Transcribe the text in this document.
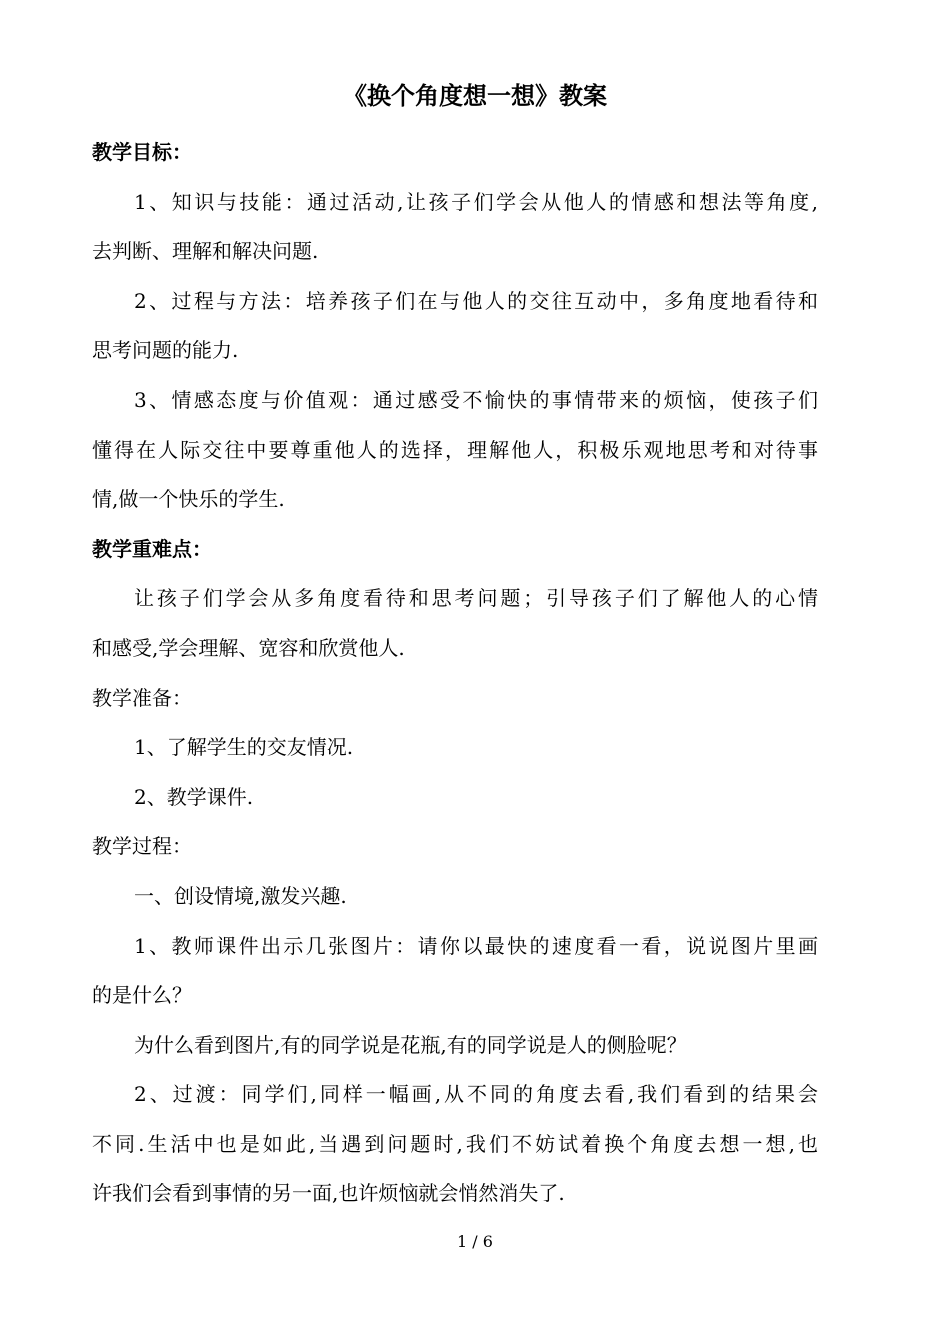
《换个角度想一想》教案
教学目标：
1、知识与技能：通过活动,让孩子们学会从他人的情感和想法等角度,
去判断、理解和解决问题.
2、过程与方法：培养孩子们在与他人的交往互动中，多角度地看待和
思考问题的能力.
3、情感态度与价值观：通过感受不愉快的事情带来的烦恼，使孩子们
懂得在人际交往中要尊重他人的选择，理解他人，积极乐观地思考和对待事
情,做一个快乐的学生.
教学重难点：
让孩子们学会从多角度看待和思考问题；引导孩子们了解他人的心情
和感受,学会理解、宽容和欣赏他人.
教学准备：
1、了解学生的交友情况.
2、教学课件.
教学过程：
一、创设情境,激发兴趣.
1、教师课件出示几张图片：请你以最快的速度看一看，说说图片里画
的是什么？
为什么看到图片,有的同学说是花瓶,有的同学说是人的侧脸呢？
2、过渡：同学们,同样一幅画,从不同的角度去看,我们看到的结果会
不同.生活中也是如此,当遇到问题时,我们不妨试着换个角度去想一想,也
许我们会看到事情的另一面,也许烦恼就会悄然消失了.
1 / 6
